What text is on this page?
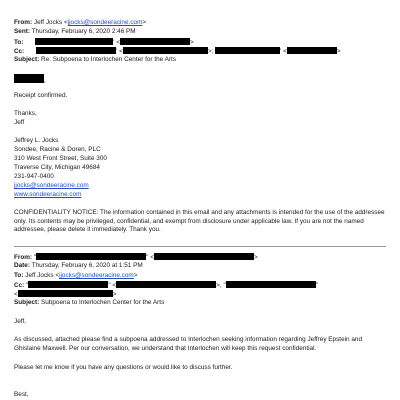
From: Jeff Jocks <jjocks@sondeeracine.com>
Sent: Thursday, February 6, 2020 2:46 PM
To:	' <	>
Cc:	' <	>;	' <	>
Subject: Re: Subpoena to Interlochen Center for the Arts
,
Receipt confirmed.
Thanks,
Jeff
Jeffrey L. Jocks
Sondee, Racine & Doren, PLC
310 West Front Street, Suite 300
Traverse City, Michigan 49684
231-947-0400
jjocks@sondeeracine.com
www.sondeeracine.com
CONFIDENTIALITY NOTICE: The information contained in this email and any attachments is intended for the use of the addressee only. Its contents may be privileged, confidential, and exempt from disclosure under applicable law. If you are not the named addressee, please delete it immediately. Thank you.
From: "	" <	>
Date: Thursday, February 6, 2020 at 1:51 PM
To: Jeff Jocks <jjocks@sondeeracine.com>
Cc: "	" <	>, "	"
<	>
Subject: Subpoena to Interlochen Center for the Arts
Jeff,
As discussed, attached please find a subpoena addressed to Interlochen seeking information regarding Jeffrey Epstein and Ghislaine Maxwell. Per our conversation, we understand that Interlochen will keep this request confidential.
Please let me know if you have any questions or would like to discuss further.
Best,
